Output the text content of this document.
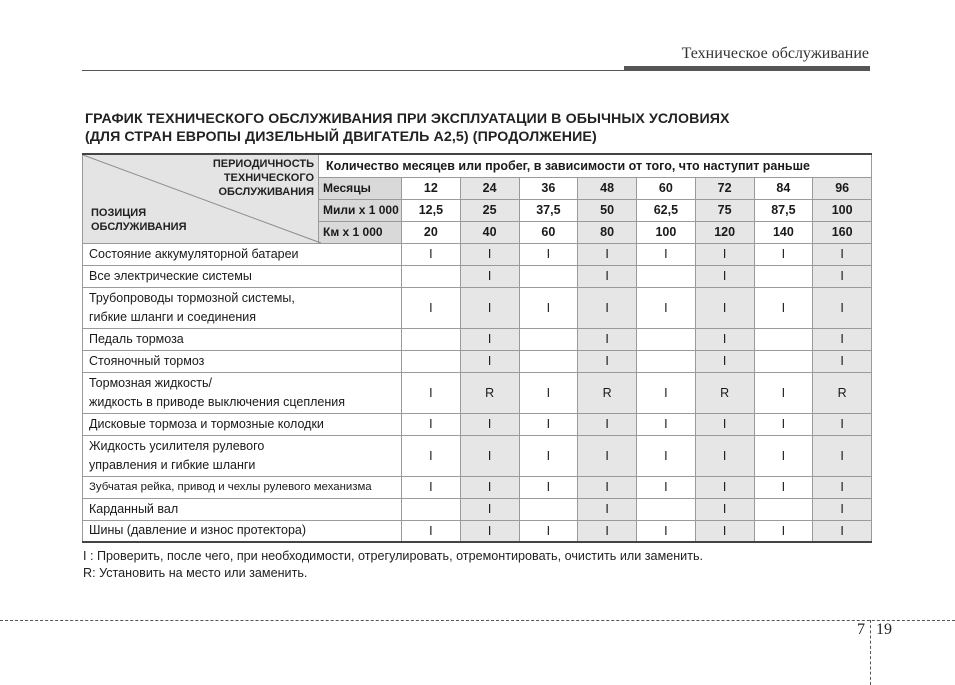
Техническое обслуживание
ГРАФИК ТЕХНИЧЕСКОГО ОБСЛУЖИВАНИЯ ПРИ ЭКСПЛУАТАЦИИ В ОБЫЧНЫХ УСЛОВИЯХ
(ДЛЯ СТРАН ЕВРОПЫ ДИЗЕЛЬНЫЙ ДВИГАТЕЛЬ А2,5) (ПРОДОЛЖЕНИЕ)
ПЕРИОДИЧНОСТЬ
ТЕХНИЧЕСКОГО
ОБСЛУЖИВАНИЯ
ПОЗИЦИЯ
ОБСЛУЖИВАНИЯ	Количество месяцев или пробег, в зависимости от того, что наступит раньше								
	Месяцы	12	24	36	48	60	72	84	96
	Мили x 1 000	12,5	25	37,5	50	62,5	75	87,5	100
	Км x 1 000	20	40	60	80	100	120	140	160
Состояние аккумуляторной батареи		I	I	I	I	I	I	I	I
Все электрические системы			I		I		I		I

Трубопроводы тормозной системы,
гибкие шланги и соединения		I	I	I	I	I	I	I	I
Педаль тормоза			I		I		I		I
Стояночный тормоз			I		I		I		I

Тормозная жидкость/
жидкость в приводе выключения сцепления		I	R	I	R	I	R	I	R
Дисковые тормоза и тормозные колодки		I	I	I	I	I	I	I	I

Жидкость усилителя рулевого
управления и гибкие шланги		I	I	I	I	I	I	I	I
Зубчатая рейка, привод и чехлы рулевого механизма		I	I	I	I	I	I	I	I
Карданный вал			I		I		I		I
Шины (давление и износ протектора)		I	I	I	I	I	I	I	I
I : Проверить, после чего, при необходимости, отрегулировать, отремонтировать, очистить или заменить.
R: Установить на место или заменить.
7 19
